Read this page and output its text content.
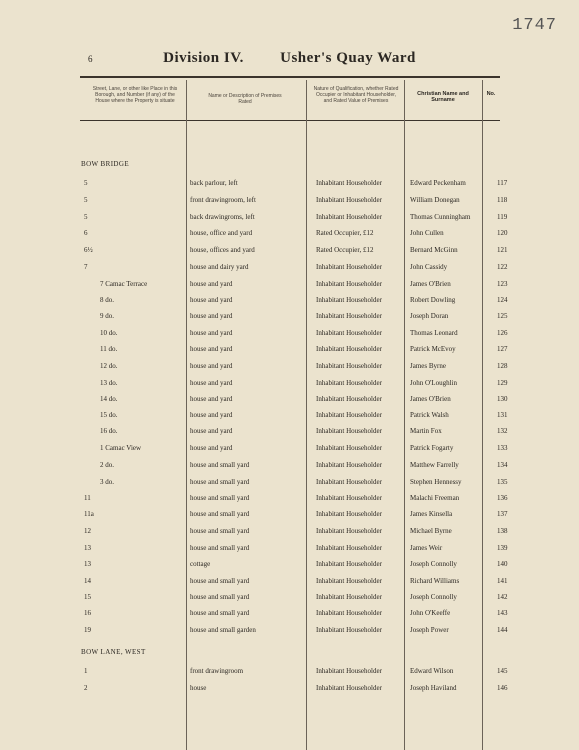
1747
6	Division IV. Usher's Quay Ward
Street, Lane, or other like Place in this Borough, and Number (if any) of the House where the Property is situate
Name or Description of Premises Rated
Nature of Qualification, whether Rated Occupier or Inhabitant Householder, and Rated Value of Premises
Christian Name and Surname
No.
BOW BRIDGE
5	back parlour, left	Inhabitant Householder	Edward Peckenham	117
5	front drawingroom, left	Inhabitant Householder	William Donegan	118
5	back drawingroms, left	Inhabitant Householder	Thomas Cunningham	119
6	house, office and yard	Rated Occupier, £12	John Cullen	120
6½	house, offices and yard	Rated Occupier, £12	Bernard McGinn	121
7	house and dairy yard	Inhabitant Householder	John Cassidy	122
7 Camac Terrace	house and yard	Inhabitant Householder	James O'Brien	123
8 do.	house and yard	Inhabitant Householder	Robert Dowling	124
9 do.	house and yard	Inhabitant Householder	Joseph Doran	125
10 do.	house and yard	Inhabitant Householder	Thomas Leonard	126
11 do.	house and yard	Inhabitant Householder	Patrick McEvoy	127
12 do.	house and yard	Inhabitant Householder	James Byrne	128
13 do.	house and yard	Inhabitant Householder	John O'Loughlin	129
14 do.	house and yard	Inhabitant Householder	James O'Brien	130
15 do.	house and yard	Inhabitant Householder	Patrick Walsh	131
16 do.	house and yard	Inhabitant Householder	Martin Fox	132
1 Camac View	house and yard	Inhabitant Householder	Patrick Fogarty	133
2 do.	house and small yard	Inhabitant Householder	Matthew Farrelly	134
3 do.	house and small yard	Inhabitant Householder	Stephen Hennessy	135
11	house and small yard	Inhabitant Householder	Malachi Freeman	136
11a	house and small yard	Inhabitant Householder	James Kinsella	137
12	house and small yard	Inhabitant Householder	Michael Byrne	138
13	house and small yard	Inhabitant Householder	James Weir	139
13	cottage	Inhabitant Householder	Joseph Connolly	140
14	house and small yard	Inhabitant Householder	Richard Williams	141
15	house and small yard	Inhabitant Householder	Joseph Connolly	142
16	house and small yard	Inhabitant Householder	John O'Keeffe	143
19	house and small garden	Inhabitant Householder	Joseph Power	144
BOW LANE, WEST
1	front drawingroom	Inhabitant Householder	Edward Wilson	145
2	house	Inhabitant Householder	Joseph Haviland	146
